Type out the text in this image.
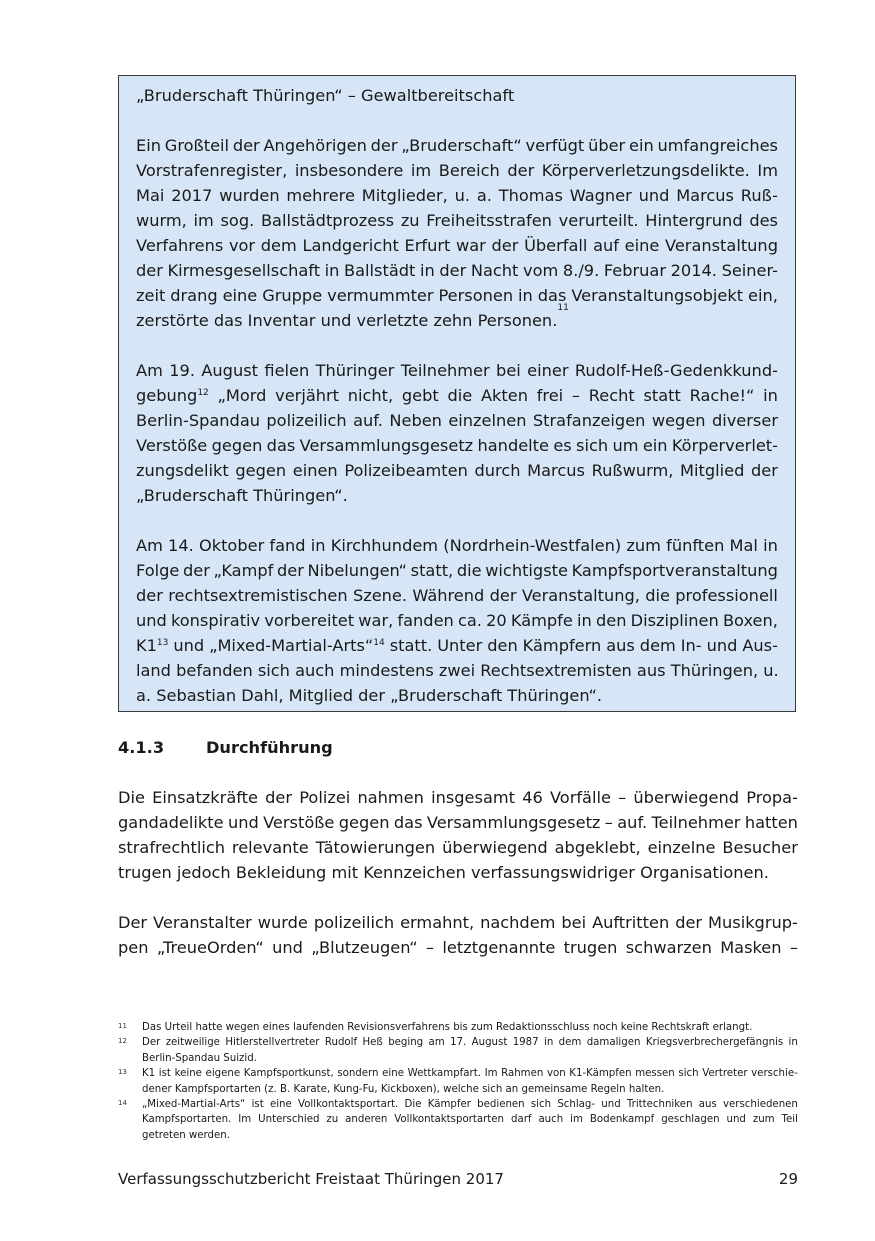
„Bruderschaft Thüringen“ – Gewaltbereitschaft
Ein Großteil der Angehörigen der „Bruderschaft“ verfügt über ein umfangreiches
Vorstrafenregister, insbesondere im Bereich der Körperverletzungsdelikte. Im
Mai 2017 wurden mehrere Mitglieder, u. a. Thomas Wagner und Marcus Ruß-
wurm, im sog. Ballstädtprozess zu Freiheitsstrafen verurteilt. Hintergrund des
Verfahrens vor dem Landgericht Erfurt war der Überfall auf eine Veranstaltung
der Kirmesgesellschaft in Ballstädt in der Nacht vom 8./9. Februar 2014. Seiner-
zeit drang eine Gruppe vermummter Personen in das Veranstaltungsobjekt ein,
zerstörte das Inventar und verletzte zehn Personen.
11
Am 19. August fielen Thüringer Teilnehmer bei einer Rudolf-Heß-Gedenkkund-
gebung$^{12}$ „Mord verjährt nicht, gebt die Akten frei – Recht statt Rache!“ in
Berlin-Spandau polizeilich auf. Neben einzelnen Strafanzeigen wegen diverser
Verstöße gegen das Versammlungsgesetz handelte es sich um ein Körperverlet-
zungsdelikt gegen einen Polizeibeamten durch Marcus Rußwurm, Mitglied der
„Bruderschaft Thüringen“.
Am 14. Oktober fand in Kirchhundem (Nordrhein-Westfalen) zum fünften Mal in
Folge der „Kampf der Nibelungen“ statt, die wichtigste Kampfsportveranstaltung
der rechtsextremistischen Szene. Während der Veranstaltung, die professionell
und konspirativ vorbereitet war, fanden ca. 20 Kämpfe in den Disziplinen Boxen,
$K1^{13}$ und „Mixed-Martial-Arts“$^{14}$ statt. Unter den Kämpfern aus dem In- und Aus-
land befanden sich auch mindestens zwei Rechtsextremisten aus Thüringen, u.
a. Sebastian Dahl, Mitglied der „Bruderschaft Thüringen“.
4.1.3	Durchführung
Die Einsatzkräfte der Polizei nahmen insgesamt 46 Vorfälle – überwiegend Propa-
gandadelikte und Verstöße gegen das Versammlungsgesetz – auf. Teilnehmer hatten
strafrechtlich relevante Tätowierungen überwiegend abgeklebt, einzelne Besucher
trugen jedoch Bekleidung mit Kennzeichen verfassungswidriger Organisationen.
Der Veranstalter wurde polizeilich ermahnt, nachdem bei Auftritten der Musikgrup-
pen „TreueOrden“ und „Blutzeugen“ – letztgenannte trugen schwarzen Masken –
11	Das Urteil hatte wegen eines laufenden Revisionsverfahrens bis zum Redaktionsschluss noch keine Rechtskraft erlangt.
12	Der zeitweilige Hitlerstellvertreter Rudolf Heß beging am 17. August 1987 in dem damaligen Kriegsverbrechergefängnis in
Berlin-Spandau Suizid.
13	K1 ist keine eigene Kampfsportkunst, sondern eine Wettkampfart. Im Rahmen von K1-Kämpfen messen sich Vertreter verschie-
dener Kampfsportarten (z. B. Karate, Kung-Fu, Kickboxen), welche sich an gemeinsame Regeln halten.
14	„Mixed-Martial-Arts“ ist eine Vollkontaktsportart. Die Kämpfer bedienen sich Schlag- und Trittechniken aus verschiedenen
Kampfsportarten. Im Unterschied zu anderen Vollkontaktsportarten darf auch im Bodenkampf geschlagen und zum Teil
getreten werden.
Verfassungsschutzbericht Freistaat Thüringen 2017	29
